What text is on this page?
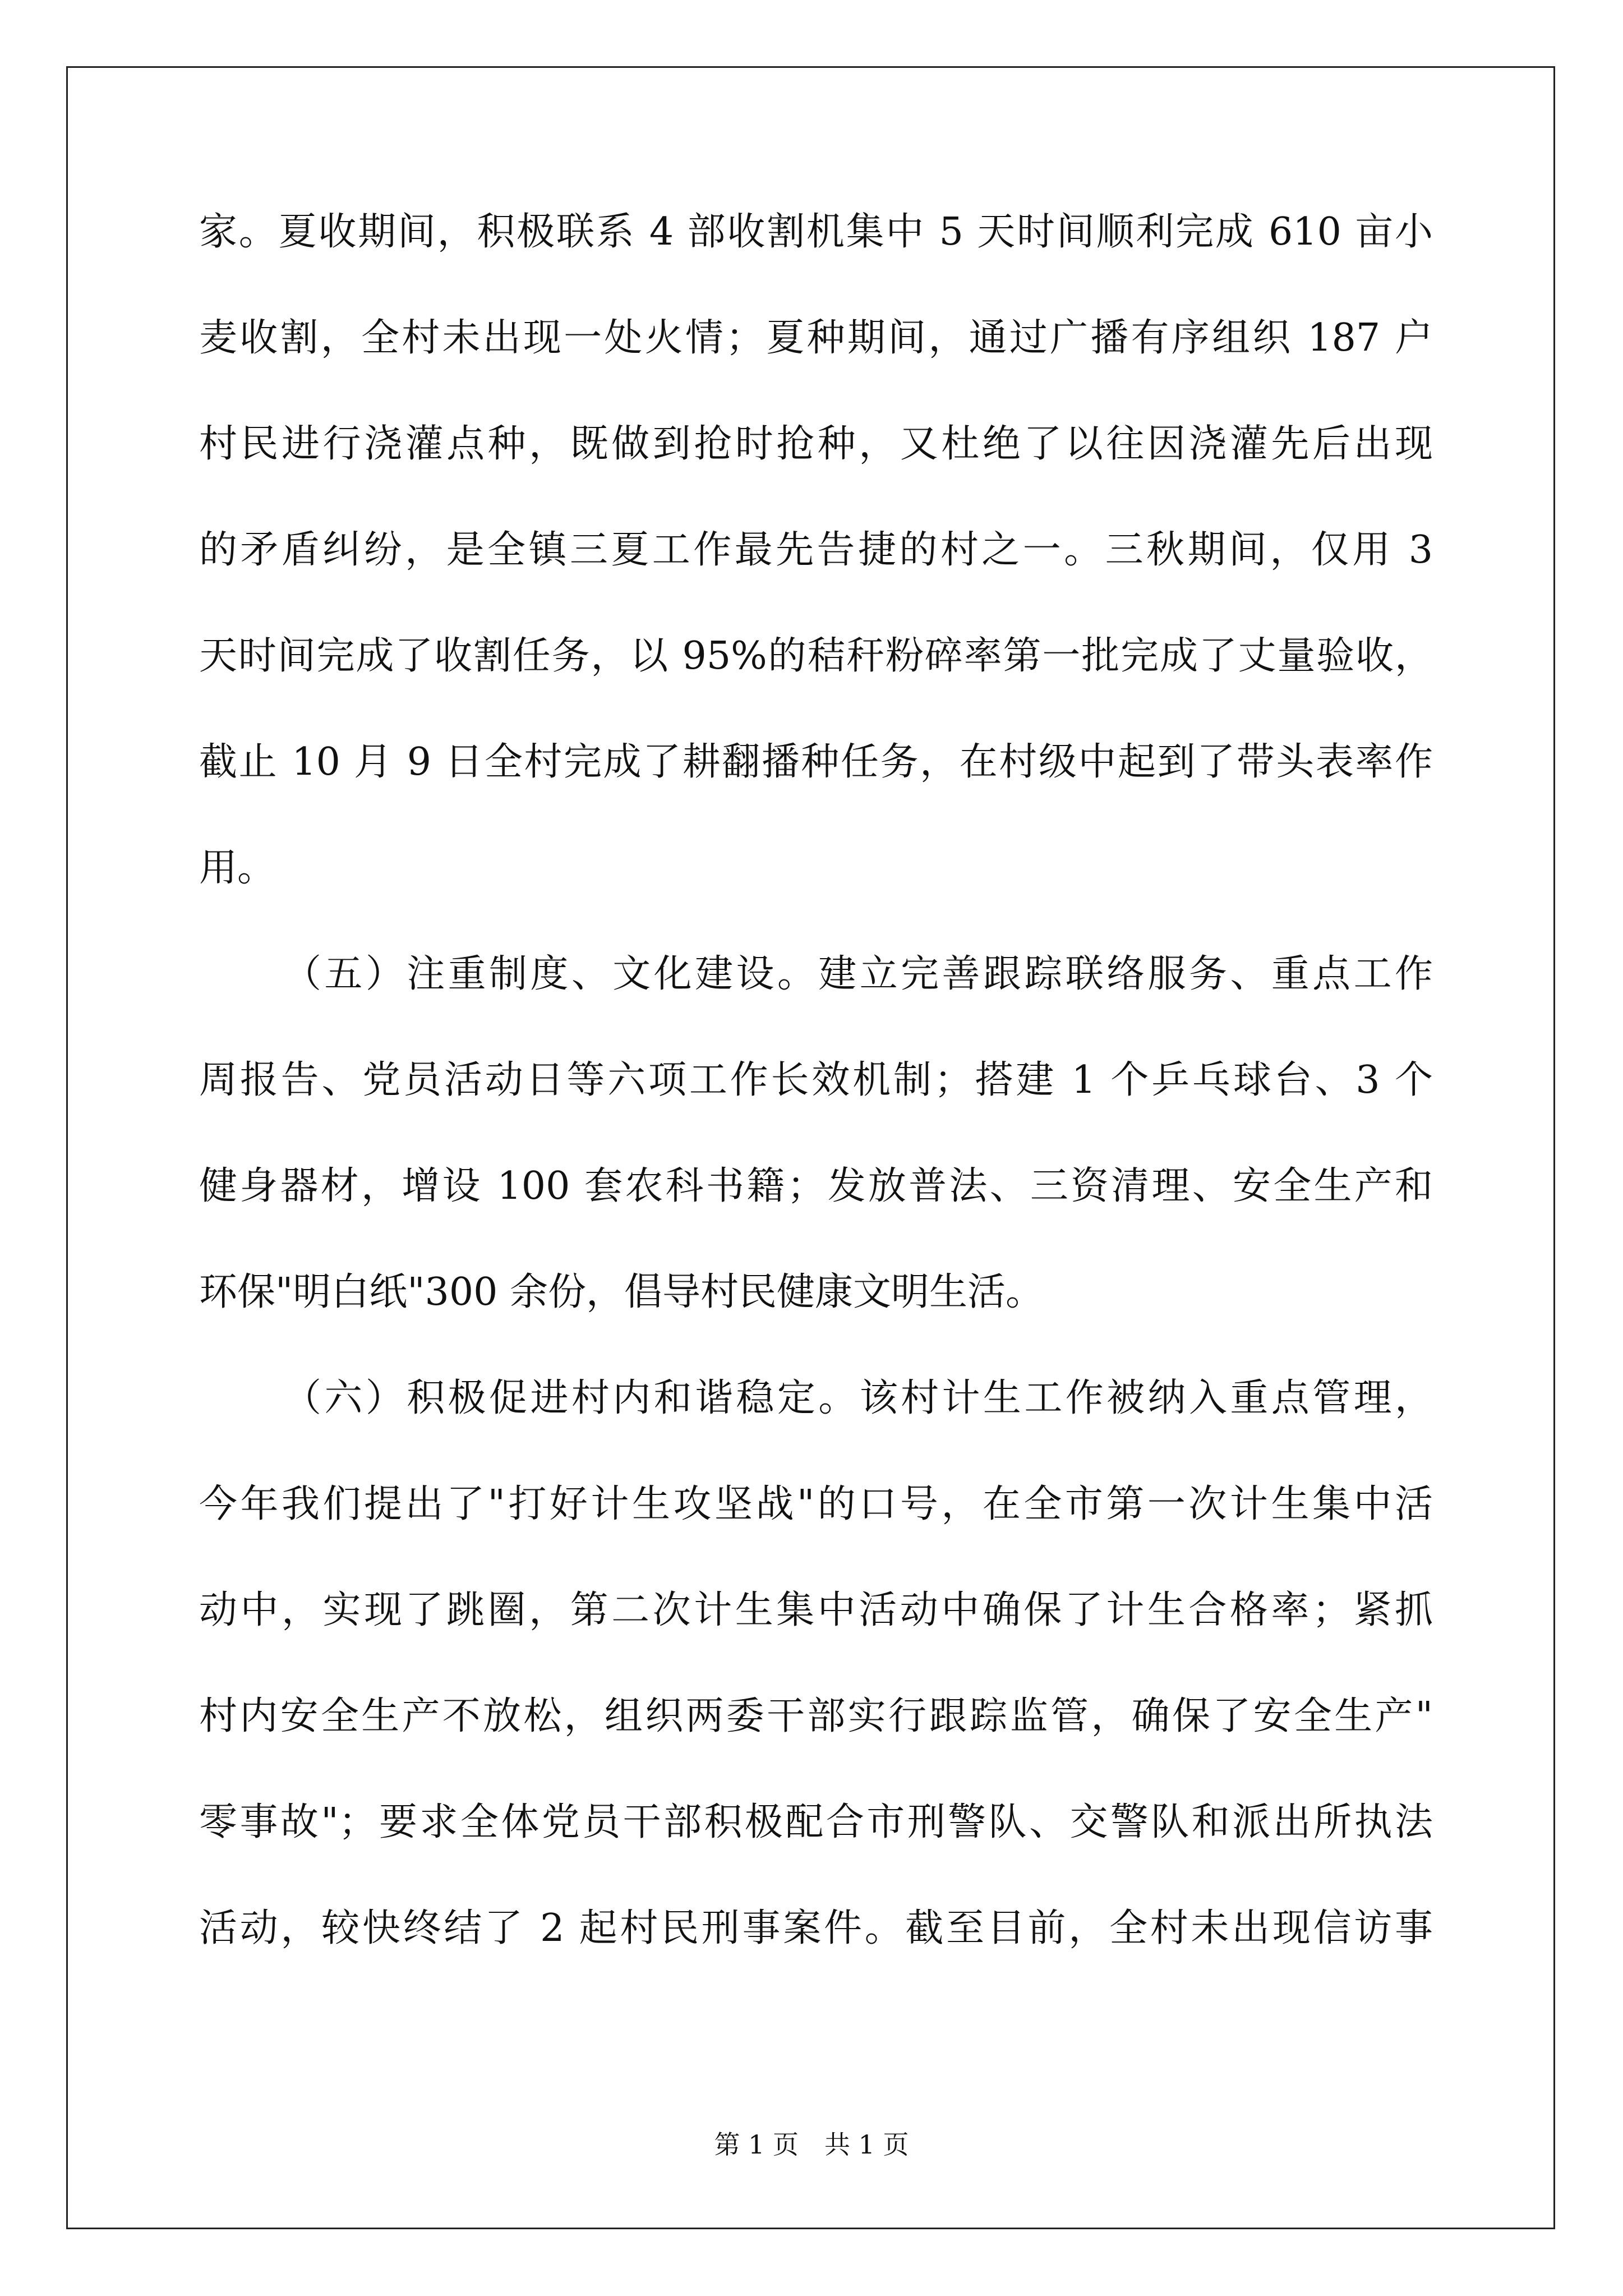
家。夏收期间，积极联系 4 部收割机集中 5 天时间顺利完成 610 亩小
麦收割，全村未出现一处火情；夏种期间，通过广播有序组织 187 户
村民进行浇灌点种，既做到抢时抢种，又杜绝了以往因浇灌先后出现
的矛盾纠纷，是全镇三夏工作最先告捷的村之一。三秋期间，仅用 3
天时间完成了收割任务，以 95%的秸秆粉碎率第一批完成了丈量验收，
截止 10 月 9 日全村完成了耕翻播种任务，在村级中起到了带头表率作
用。
（五）注重制度、文化建设。建立完善跟踪联络服务、重点工作
周报告、党员活动日等六项工作长效机制；搭建 1 个乒乓球台、3 个
健身器材，增设 100 套农科书籍；发放普法、三资清理、安全生产和
环保"明白纸"300 余份，倡导村民健康文明生活。
（六）积极促进村内和谐稳定。该村计生工作被纳入重点管理，
今年我们提出了"打好计生攻坚战"的口号，在全市第一次计生集中活
动中，实现了跳圈，第二次计生集中活动中确保了计生合格率；紧抓
村内安全生产不放松，组织两委干部实行跟踪监管，确保了安全生产"
零事故"；要求全体党员干部积极配合市刑警队、交警队和派出所执法
活动，较快终结了 2 起村民刑事案件。截至目前，全村未出现信访事
第 1 页　共 1 页
